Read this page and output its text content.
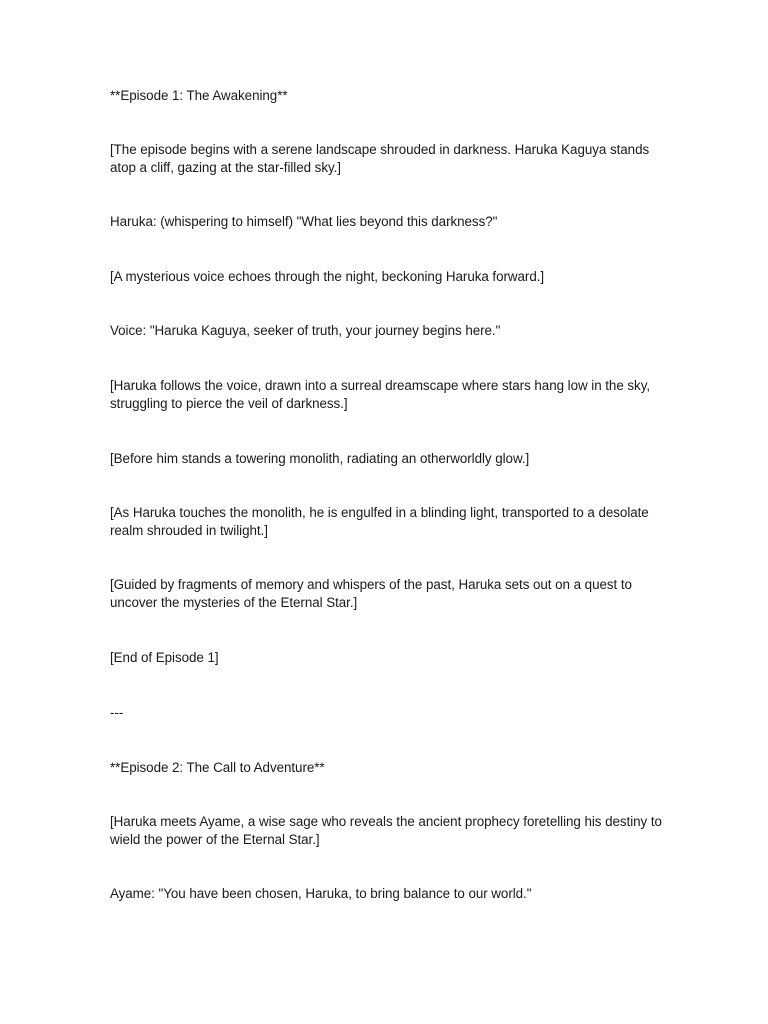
**Episode 1: The Awakening**

[The episode begins with a serene landscape shrouded in darkness. Haruka Kaguya stands atop a cliff, gazing at the star-filled sky.]

Haruka: (whispering to himself) "What lies beyond this darkness?"

[A mysterious voice echoes through the night, beckoning Haruka forward.]

Voice: "Haruka Kaguya, seeker of truth, your journey begins here."

[Haruka follows the voice, drawn into a surreal dreamscape where stars hang low in the sky, struggling to pierce the veil of darkness.]

[Before him stands a towering monolith, radiating an otherworldly glow.]

[As Haruka touches the monolith, he is engulfed in a blinding light, transported to a desolate realm shrouded in twilight.]

[Guided by fragments of memory and whispers of the past, Haruka sets out on a quest to uncover the mysteries of the Eternal Star.]

[End of Episode 1]

---

**Episode 2: The Call to Adventure**

[Haruka meets Ayame, a wise sage who reveals the ancient prophecy foretelling his destiny to wield the power of the Eternal Star.]

Ayame: "You have been chosen, Haruka, to bring balance to our world."
